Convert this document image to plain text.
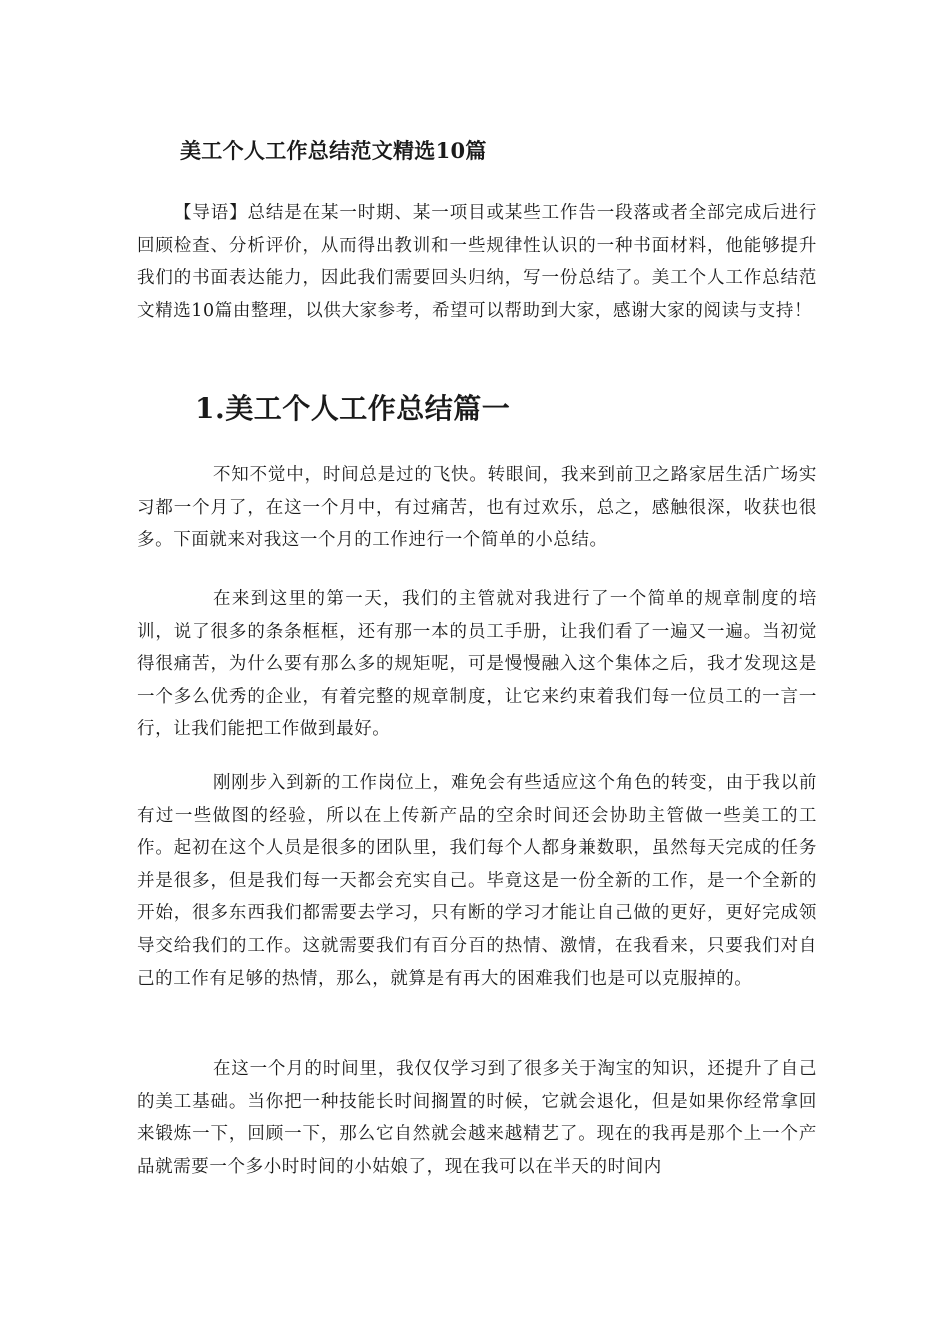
美工个人工作总结范文精选10篇

【导语】总结是在某一时期、某一项目或某些工作告一段落或者全部完成后进行回顾检查、分析评价，从而得出教训和一些规律性认识的一种书面材料，他能够提升我们的书面表达能力，因此我们需要回头归纳，写一份总结了。美工个人工作总结范文精选10篇由整理，以供大家参考，希望可以帮助到大家，感谢大家的阅读与支持！

1.美工个人工作总结篇一

不知不觉中，时间总是过的飞快。转眼间，我来到前卫之路家居生活广场实习都一个月了，在这一个月中，有过痛苦，也有过欢乐，总之，感触很深，收获也很多。下面就来对我这一个月的工作迚行一个简单的小总结。

在来到这里的第一天，我们的主管就对我进行了一个简单的规章制度的培训，说了很多的条条框框，还有那一本的员工手册，让我们看了一遍又一遍。当初觉得很痛苦，为什么要有那么多的规矩呢，可是慢慢融入这个集体之后，我才发现这是一个多么优秀的企业，有着完整的规章制度，让它来约束着我们每一位员工的一言一行，让我们能把工作做到最好。

刚刚步入到新的工作岗位上，难免会有些适应这个角色的转变，由于我以前有过一些做图的经验，所以在上传新产品的空余时间还会协助主管做一些美工的工作。起初在这个人员是很多的团队里，我们每个人都身兼数职，虽然每天完成的任务并是很多，但是我们每一天都会充实自己。毕竟这是一份全新的工作，是一个全新的开始，很多东西我们都需要去学习，只有断的学习才能让自己做的更好，更好完成领导交给我们的工作。这就需要我们有百分百的热情、激情，在我看来，只要我们对自己的工作有足够的热情，那么，就算是有再大的困难我们也是可以克服掉的。

在这一个月的时间里，我仅仅学习到了很多关于淘宝的知识，还提升了自己的美工基础。当你把一种技能长时间搁置的时候，它就会退化，但是如果你经常拿回来锻炼一下，回顾一下，那么它自然就会越来越精艺了。现在的我再是那个上一个产品就需要一个多小时时间的小姑娘了，现在我可以在半天的时间内
